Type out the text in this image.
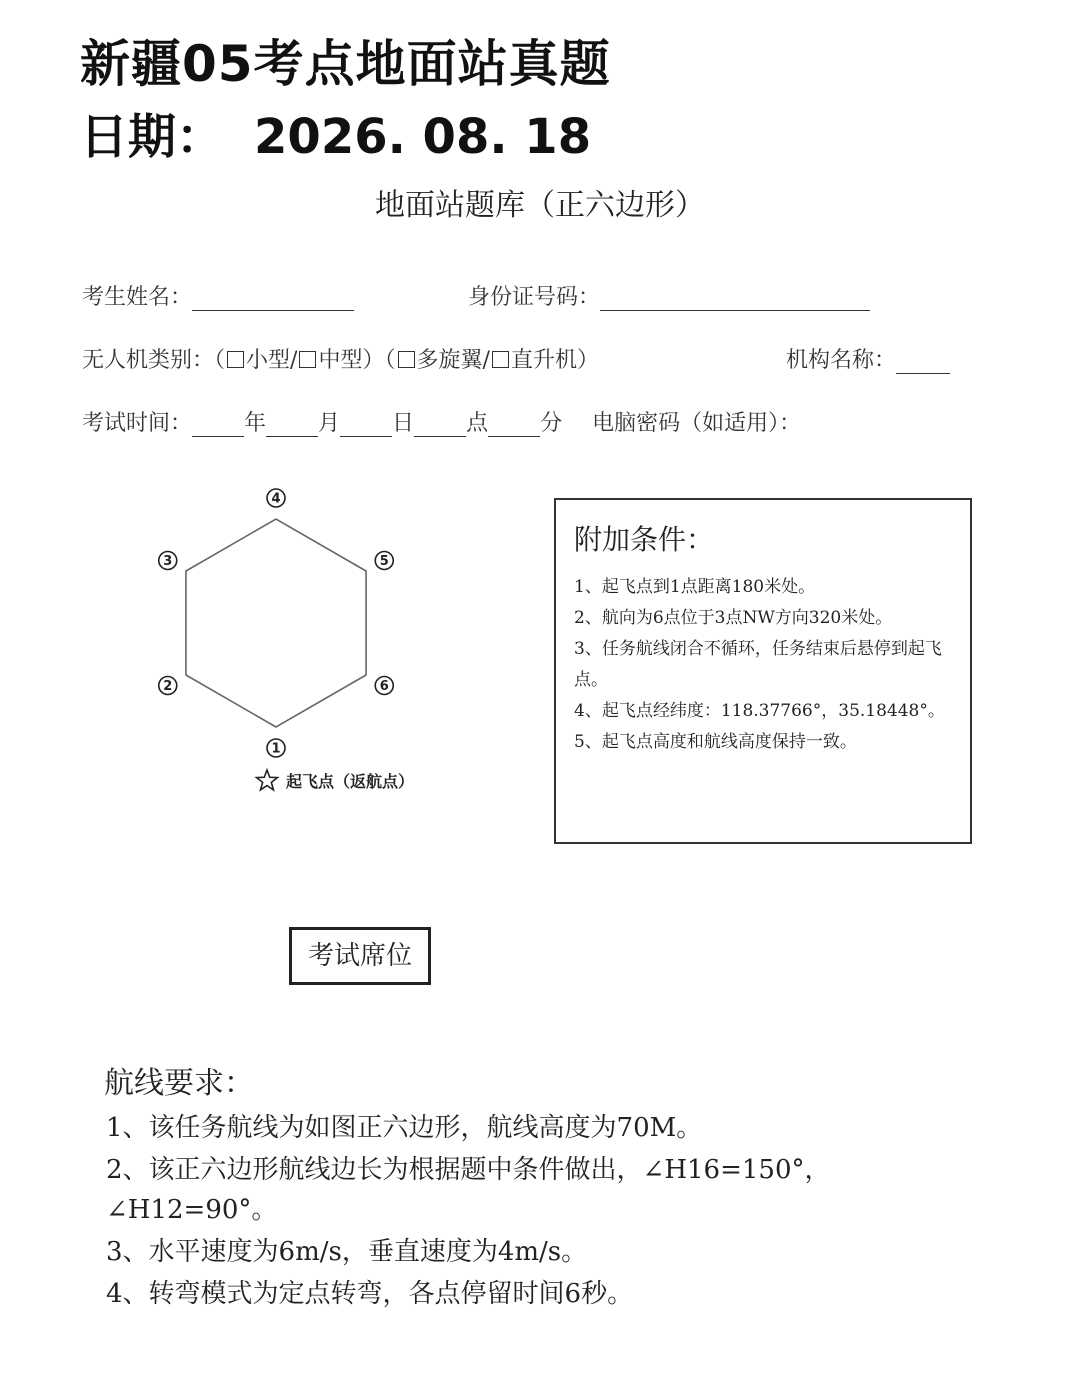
新疆05考点地面站真题
日期： 2026. 08. 18
地面站题库（正六边形）
考生姓名：	身份证号码：
无人机类别：（ 小型/ 中型）（ 多旋翼/ 直升机）	机构名称：
考试时间： 年 月 日 点 分 电脑密码（如适用）：
1
2
3
4
5
6
起飞点（返航点）
附加条件：
1、起飞点到1点距离180米处。
2、航向为6点位于3点NW方向320米处。
3、任务航线闭合不循环，任务结束后悬停到起飞点。
4、起飞点经纬度：118.37766°，35.18448°。
5、起飞点高度和航线高度保持一致。
考试席位
航线要求：
1、该任务航线为如图正六边形，航线高度为70M。
2、该正六边形航线边长为根据题中条件做出，∠H16=150°，∠H12=90°。
3、水平速度为6m/s，垂直速度为4m/s。
4、转弯模式为定点转弯，各点停留时间6秒。
